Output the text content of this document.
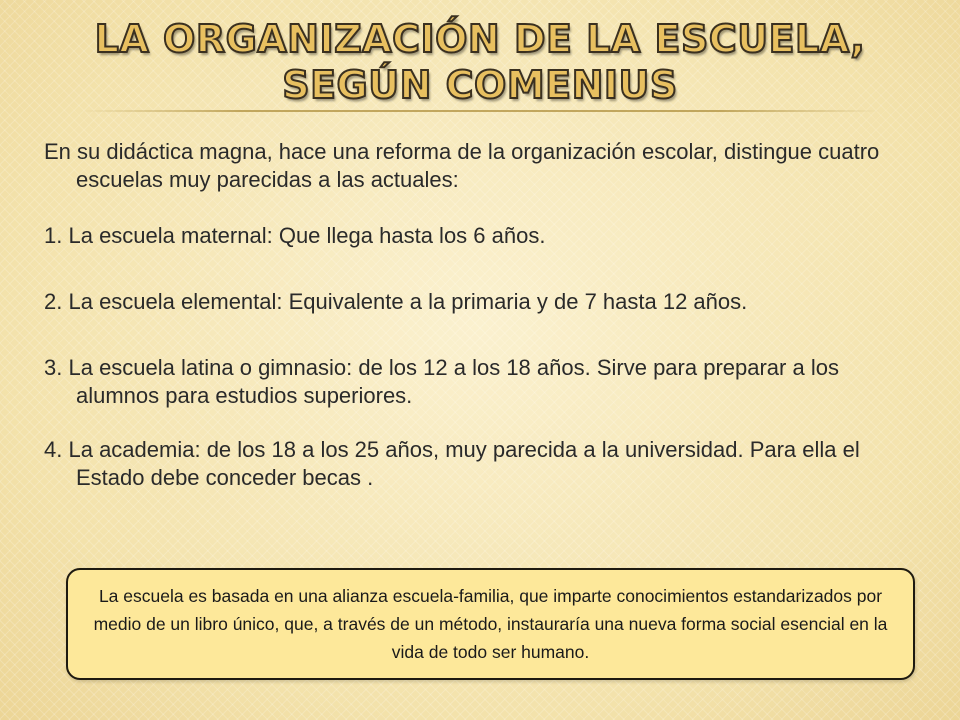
LA ORGANIZACIÓN DE LA ESCUELA, SEGÚN COMENIUS

En su didáctica magna, hace una reforma de la organización escolar, distingue cuatro escuelas muy parecidas a las actuales:

1. La escuela maternal: Que llega hasta los 6 años.

2. La escuela elemental: Equivalente a la primaria y de 7 hasta 12 años.

3. La escuela latina o gimnasio: de los 12 a los 18 años. Sirve para preparar a los alumnos para estudios superiores.

4. La academia: de los 18 a los 25 años, muy parecida a la universidad. Para ella el Estado debe conceder becas .

La escuela es basada en una alianza escuela-familia, que imparte conocimientos estandarizados por medio de un libro único, que, a través de un método, instauraría una nueva forma social esencial en la vida de todo ser humano.
